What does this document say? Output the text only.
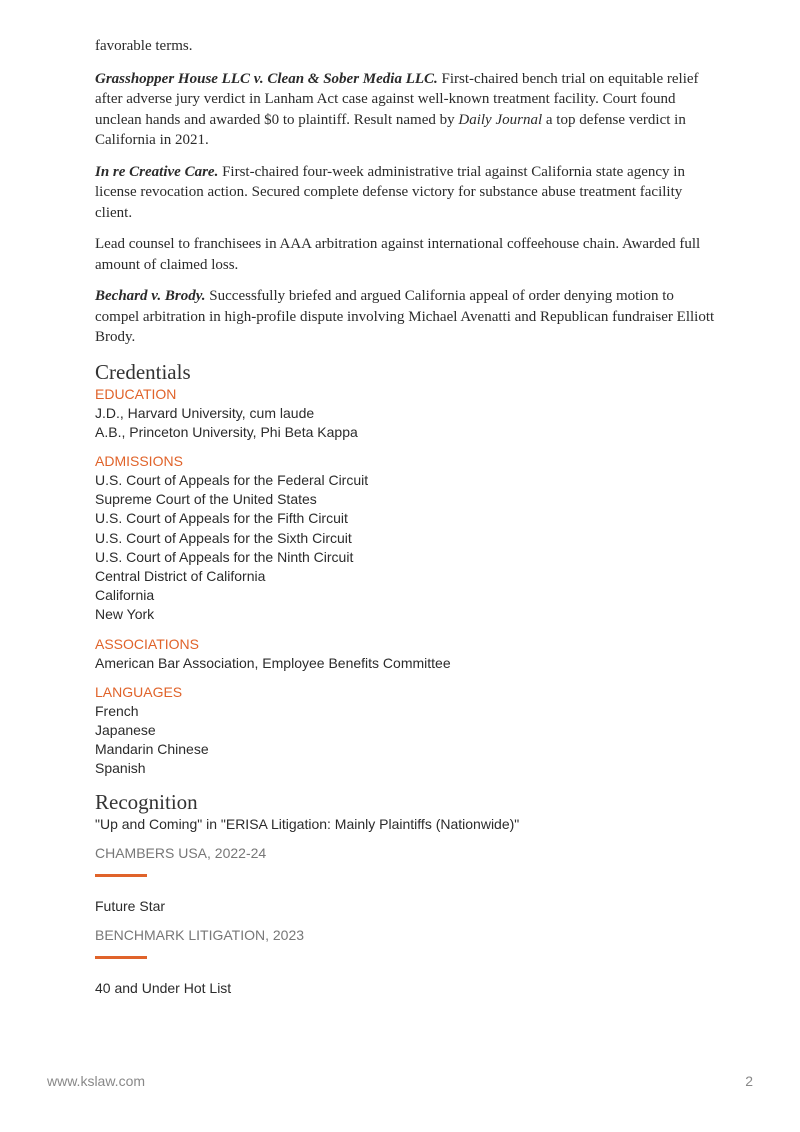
favorable terms.

Grasshopper House LLC v. Clean & Sober Media LLC. First-chaired bench trial on equitable relief after adverse jury verdict in Lanham Act case against well-known treatment facility. Court found unclean hands and awarded $0 to plaintiff. Result named by Daily Journal a top defense verdict in California in 2021.

In re Creative Care. First-chaired four-week administrative trial against California state agency in license revocation action. Secured complete defense victory for substance abuse treatment facility client.

Lead counsel to franchisees in AAA arbitration against international coffeehouse chain. Awarded full amount of claimed loss.

Bechard v. Brody. Successfully briefed and argued California appeal of order denying motion to compel arbitration in high-profile dispute involving Michael Avenatti and Republican fundraiser Elliott Brody.

Credentials

EDUCATION

J.D., Harvard University, cum laude

A.B., Princeton University, Phi Beta Kappa

ADMISSIONS

U.S. Court of Appeals for the Federal Circuit

Supreme Court of the United States

U.S. Court of Appeals for the Fifth Circuit

U.S. Court of Appeals for the Sixth Circuit

U.S. Court of Appeals for the Ninth Circuit

Central District of California

California

New York

ASSOCIATIONS

American Bar Association, Employee Benefits Committee

LANGUAGES

French

Japanese

Mandarin Chinese

Spanish

Recognition

"Up and Coming" in "ERISA Litigation: Mainly Plaintiffs (Nationwide)"

CHAMBERS USA, 2022-24

Future Star

BENCHMARK LITIGATION, 2023

40 and Under Hot List

www.kslaw.com	2
